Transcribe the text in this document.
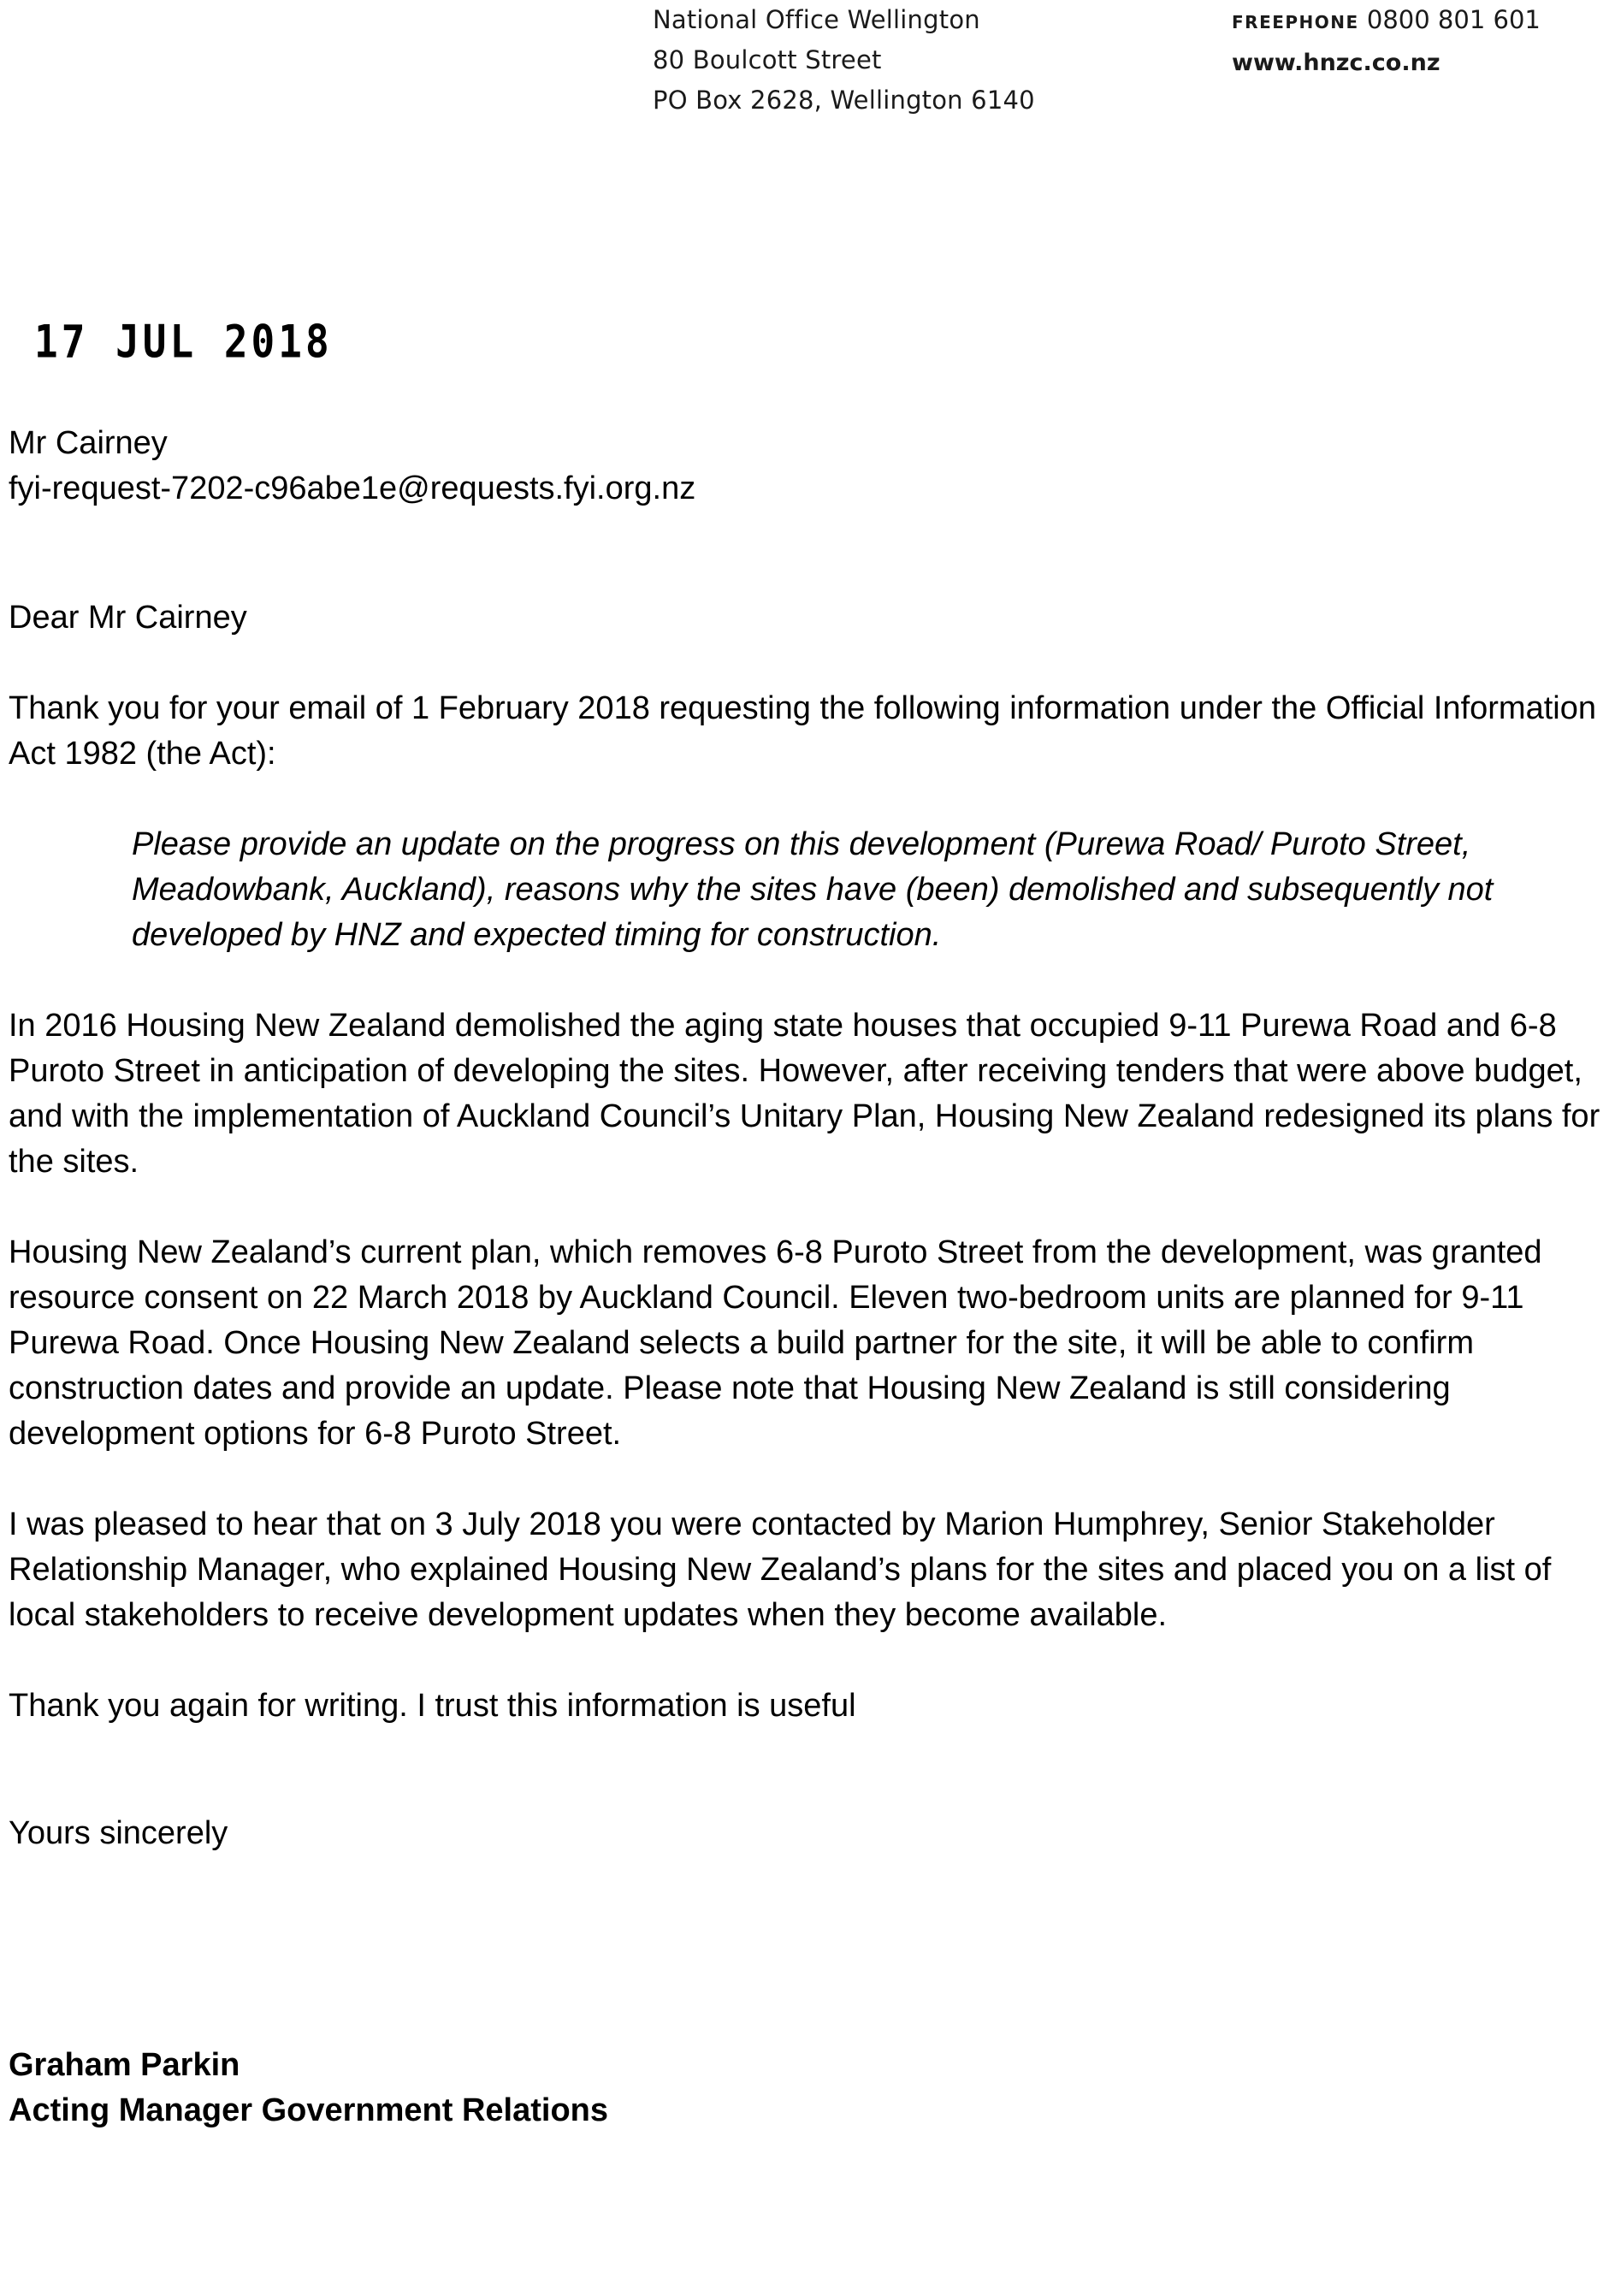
National Office Wellington
80 Boulcott Street
PO Box 2628, Wellington 6140
FREEPHONE 0800 801 601
www.hnzc.co.nz
17 JUL 2018

Mr Cairney

fyi-request-7202-c96abe1e@requests.fyi.org.nz

Dear Mr Cairney

Thank you for your email of 1 February 2018 requesting the following information under the Official Information Act 1982 (the Act):

Please provide an update on the progress on this development (Purewa Road/ Puroto Street, Meadowbank, Auckland), reasons why the sites have (been) demolished and subsequently not developed by HNZ and expected timing for construction.

In 2016 Housing New Zealand demolished the aging state houses that occupied 9-11 Purewa Road and 6-8 Puroto Street in anticipation of developing the sites. However, after receiving tenders that were above budget, and with the implementation of Auckland Council’s Unitary Plan, Housing New Zealand redesigned its plans for the sites.

Housing New Zealand’s current plan, which removes 6-8 Puroto Street from the development, was granted resource consent on 22 March 2018 by Auckland Council. Eleven two-bedroom units are planned for 9-11 Purewa Road. Once Housing New Zealand selects a build partner for the site, it will be able to confirm construction dates and provide an update. Please note that Housing New Zealand is still considering development options for 6-8 Puroto Street.

I was pleased to hear that on 3 July 2018 you were contacted by Marion Humphrey, Senior Stakeholder Relationship Manager, who explained Housing New Zealand’s plans for the sites and placed you on a list of local stakeholders to receive development updates when they become available.

Thank you again for writing. I trust this information is useful

Yours sincerely

Graham Parkin

Acting Manager Government Relations
